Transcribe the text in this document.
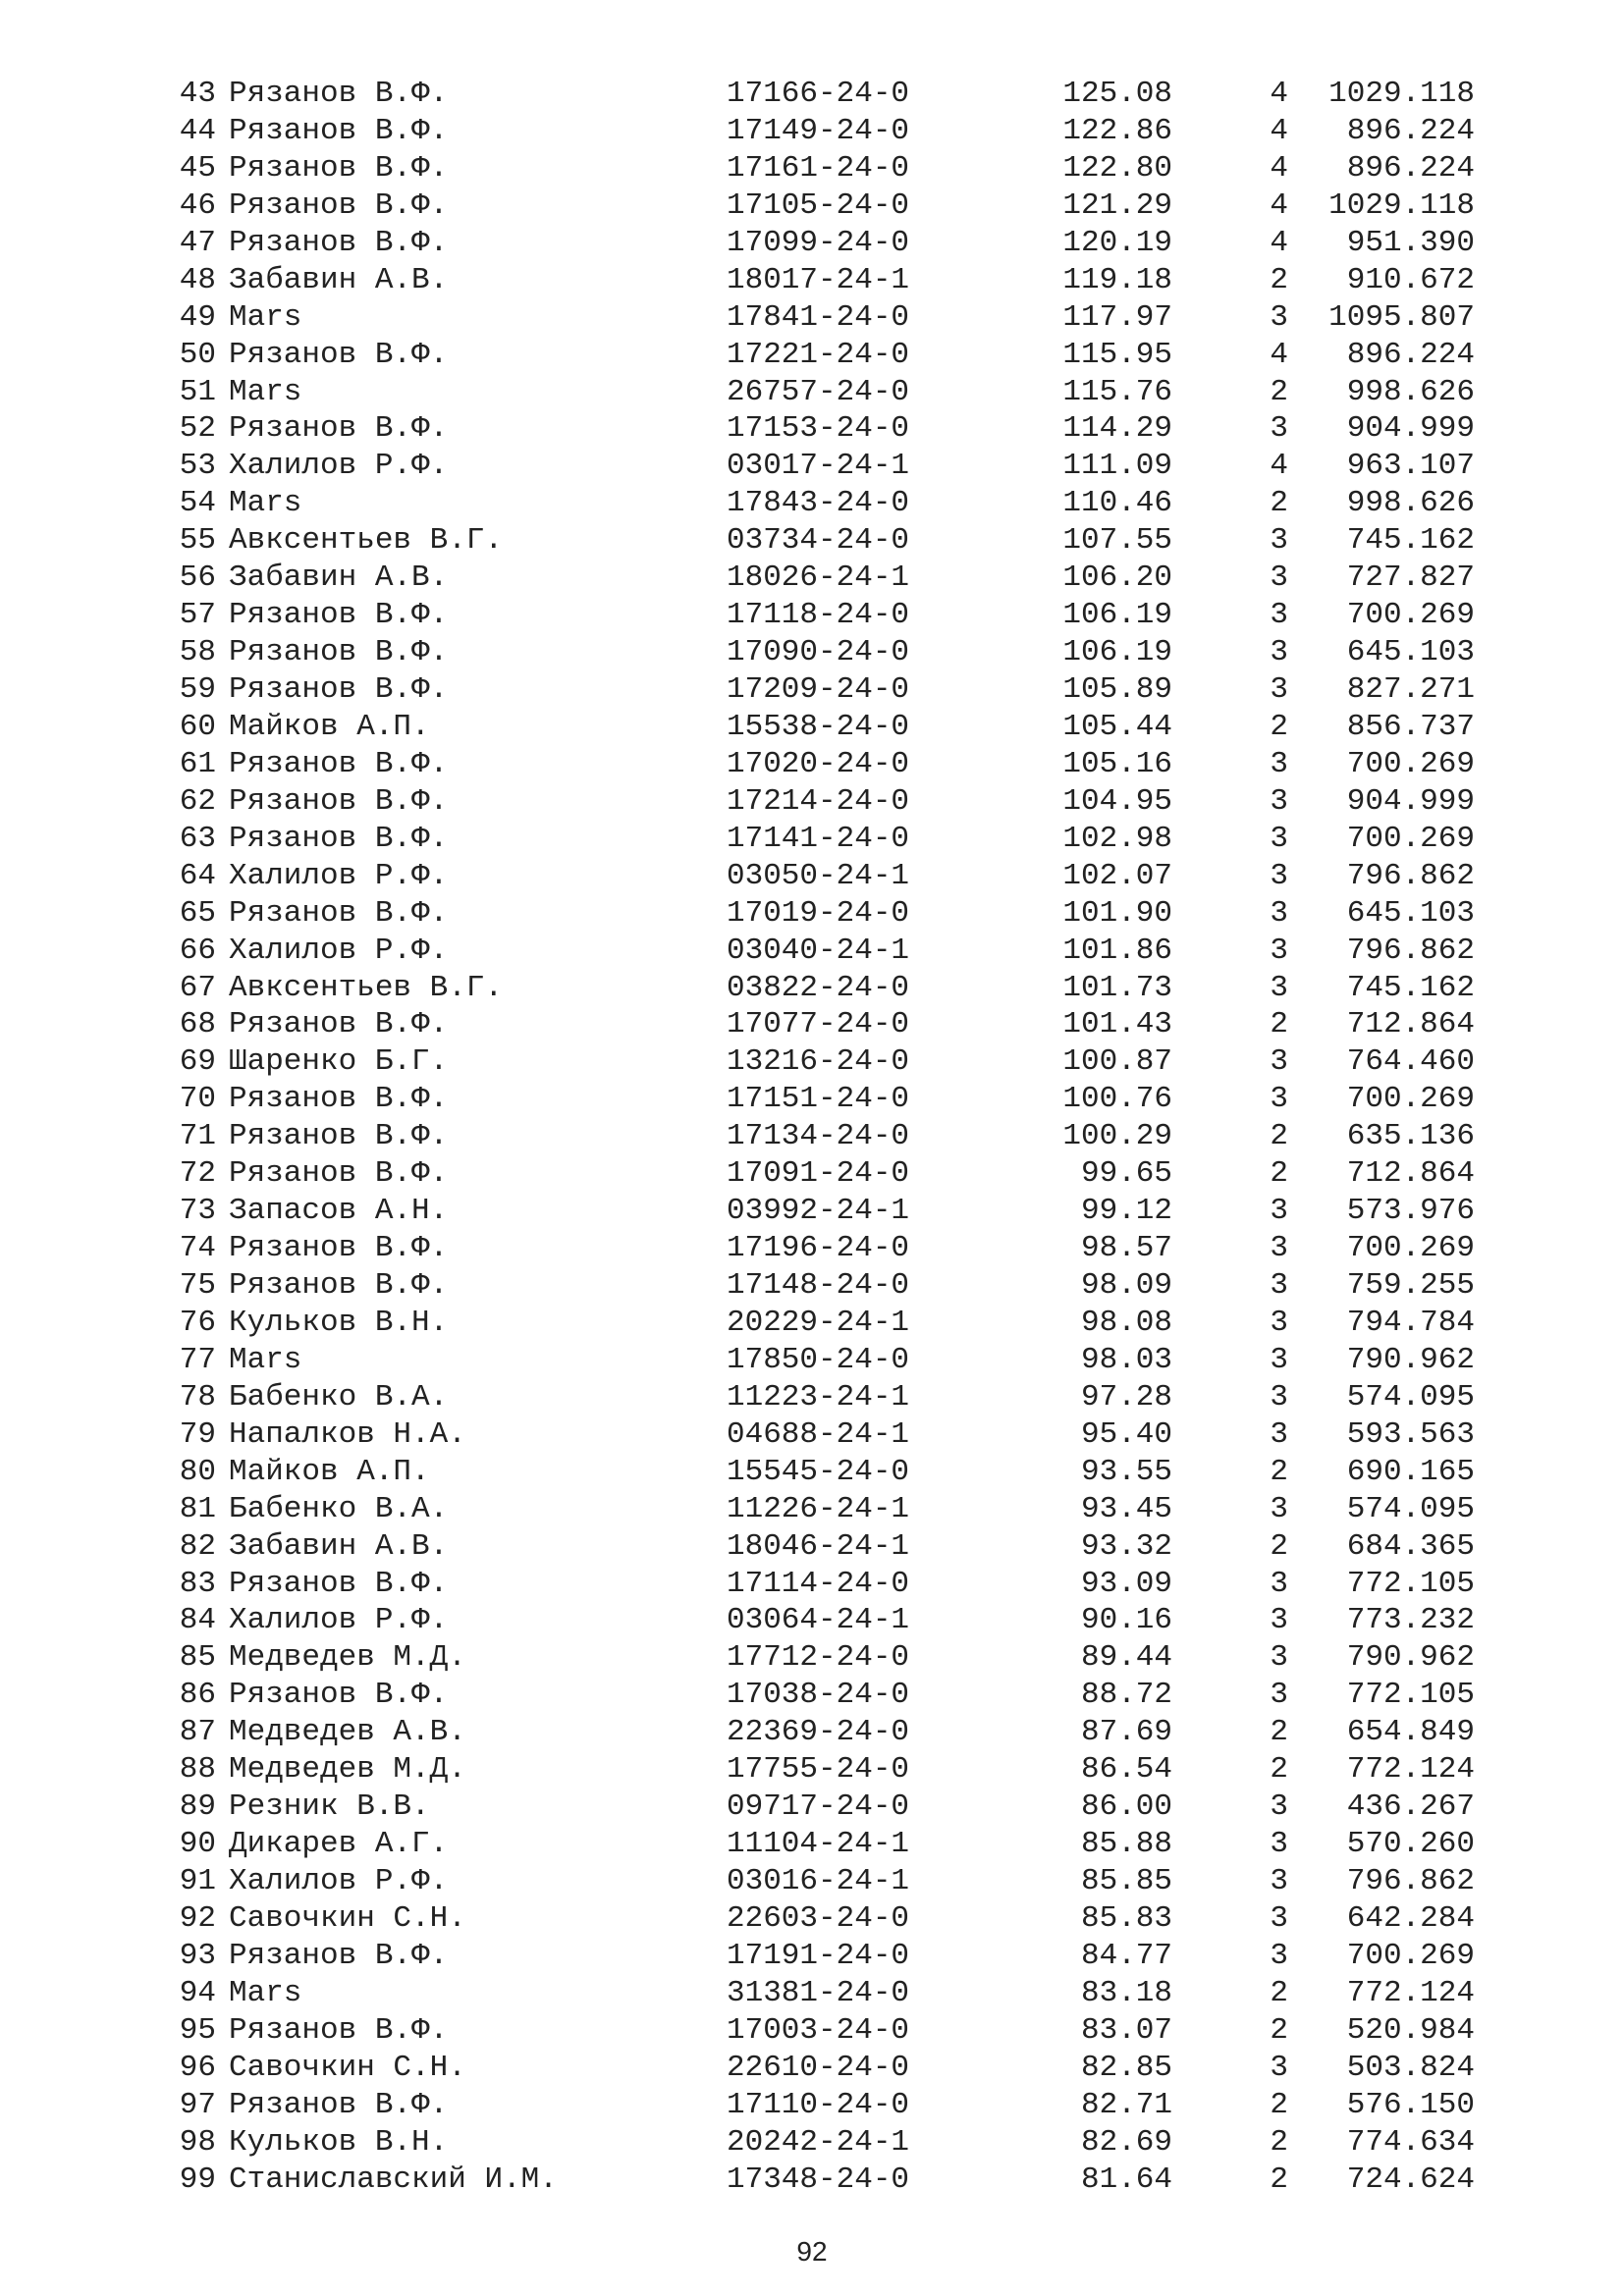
43 Рязанов В.Ф.	17166-24-0	125.08	4	1029.118
44 Рязанов В.Ф.	17149-24-0	122.86	4	896.224
45 Рязанов В.Ф.	17161-24-0	122.80	4	896.224
46 Рязанов В.Ф.	17105-24-0	121.29	4	1029.118
47 Рязанов В.Ф.	17099-24-0	120.19	4	951.390
48 Забавин А.В.	18017-24-1	119.18	2	910.672
49 Mars	17841-24-0	117.97	3	1095.807
50 Рязанов В.Ф.	17221-24-0	115.95	4	896.224
51 Mars	26757-24-0	115.76	2	998.626
52 Рязанов В.Ф.	17153-24-0	114.29	3	904.999
53 Халилов Р.Ф.	03017-24-1	111.09	4	963.107
54 Mars	17843-24-0	110.46	2	998.626
55 Авксентьев В.Г.	03734-24-0	107.55	3	745.162
56 Забавин А.В.	18026-24-1	106.20	3	727.827
57 Рязанов В.Ф.	17118-24-0	106.19	3	700.269
58 Рязанов В.Ф.	17090-24-0	106.19	3	645.103
59 Рязанов В.Ф.	17209-24-0	105.89	3	827.271
60 Майков А.П.	15538-24-0	105.44	2	856.737
61 Рязанов В.Ф.	17020-24-0	105.16	3	700.269
62 Рязанов В.Ф.	17214-24-0	104.95	3	904.999
63 Рязанов В.Ф.	17141-24-0	102.98	3	700.269
64 Халилов Р.Ф.	03050-24-1	102.07	3	796.862
65 Рязанов В.Ф.	17019-24-0	101.90	3	645.103
66 Халилов Р.Ф.	03040-24-1	101.86	3	796.862
67 Авксентьев В.Г.	03822-24-0	101.73	3	745.162
68 Рязанов В.Ф.	17077-24-0	101.43	2	712.864
69 Шаренко Б.Г.	13216-24-0	100.87	3	764.460
70 Рязанов В.Ф.	17151-24-0	100.76	3	700.269
71 Рязанов В.Ф.	17134-24-0	100.29	2	635.136
72 Рязанов В.Ф.	17091-24-0	99.65	2	712.864
73 Запасов А.Н.	03992-24-1	99.12	3	573.976
74 Рязанов В.Ф.	17196-24-0	98.57	3	700.269
75 Рязанов В.Ф.	17148-24-0	98.09	3	759.255
76 Кульков В.Н.	20229-24-1	98.08	3	794.784
77 Mars	17850-24-0	98.03	3	790.962
78 Бабенко В.А.	11223-24-1	97.28	3	574.095
79 Напалков Н.А.	04688-24-1	95.40	3	593.563
80 Майков А.П.	15545-24-0	93.55	2	690.165
81 Бабенко В.А.	11226-24-1	93.45	3	574.095
82 Забавин А.В.	18046-24-1	93.32	2	684.365
83 Рязанов В.Ф.	17114-24-0	93.09	3	772.105
84 Халилов Р.Ф.	03064-24-1	90.16	3	773.232
85 Медведев М.Д.	17712-24-0	89.44	3	790.962
86 Рязанов В.Ф.	17038-24-0	88.72	3	772.105
87 Медведев А.В.	22369-24-0	87.69	2	654.849
88 Медведев М.Д.	17755-24-0	86.54	2	772.124
89 Резник В.В.	09717-24-0	86.00	3	436.267
90 Дикарев А.Г.	11104-24-1	85.88	3	570.260
91 Халилов Р.Ф.	03016-24-1	85.85	3	796.862
92 Савочкин С.Н.	22603-24-0	85.83	3	642.284
93 Рязанов В.Ф.	17191-24-0	84.77	3	700.269
94 Mars	31381-24-0	83.18	2	772.124
95 Рязанов В.Ф.	17003-24-0	83.07	2	520.984
96 Савочкин С.Н.	22610-24-0	82.85	3	503.824
97 Рязанов В.Ф.	17110-24-0	82.71	2	576.150
98 Кульков В.Н.	20242-24-1	82.69	2	774.634
99 Станиславский И.М.	17348-24-0	81.64	2	724.624
92
